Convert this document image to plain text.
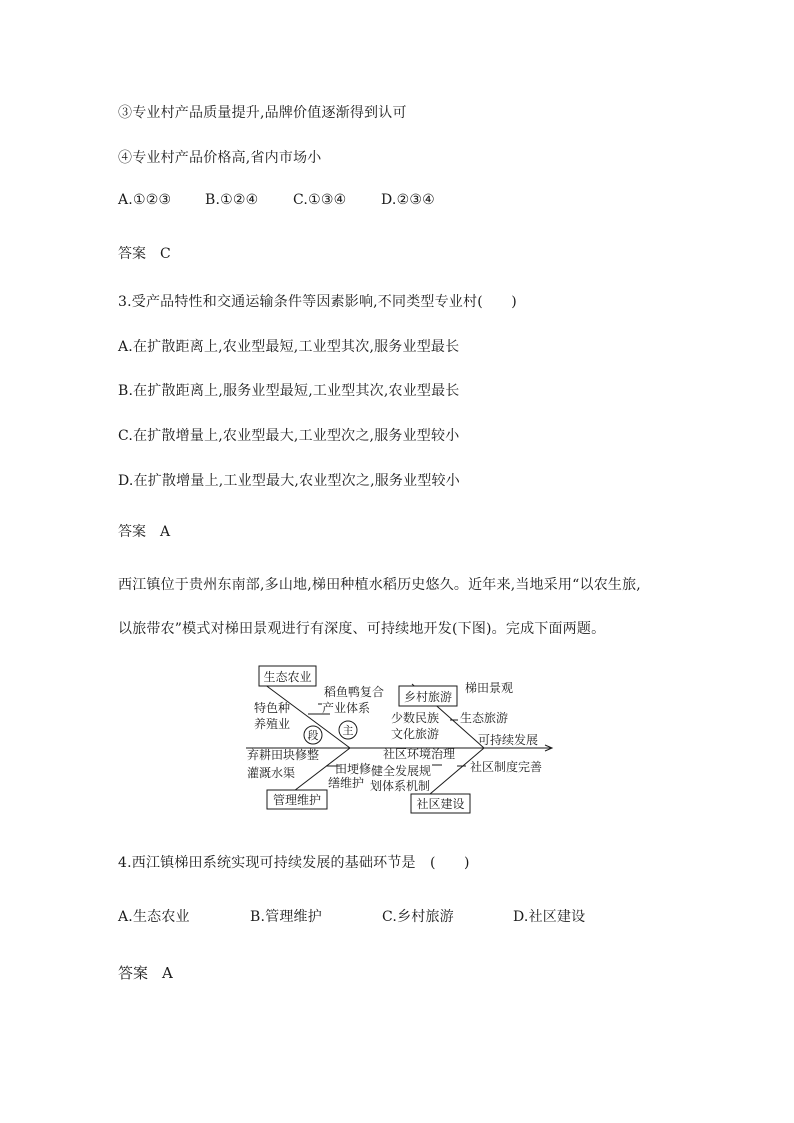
③专业村产品质量提升,品牌价值逐渐得到认可
④专业村产品价格高,省内市场小
A.①②③ B.①②④ C.①③④ D.②③④
答案 C
3.受产品特性和交通运输条件等因素影响,不同类型专业村(　　)
A.在扩散距离上,农业型最短,工业型其次,服务业型最长
B.在扩散距离上,服务业型最短,工业型其次,农业型最长
C.在扩散增量上,农业型最大,工业型次之,服务业型较小
D.在扩散增量上,工业型最大,农业型次之,服务业型较小
答案 A
西江镇位于贵州东南部,多山地,梯田种植水稻历史悠久。近年来,当地采用“以农生旅,
以旅带农”模式对梯田景观进行有深度、可持续地开发(下图)。完成下面两题。
生态农业
乡村旅游
管理维护	社区建设
主
段
稻鱼鸭复合
产业体系
特色种
养殖业
梯田景观
少数民族 生态旅游
文化旅游	可持续发展
弃耕田块修整	社区环境治理
田埂修
缮维护
健全发展规
划体系机制
灌溉水渠	社区制度完善
4.西江镇梯田系统实现可持续发展的基础环节是　(　　)
A.生态农业	B.管理维护	C.乡村旅游	D.社区建设
答案 A
